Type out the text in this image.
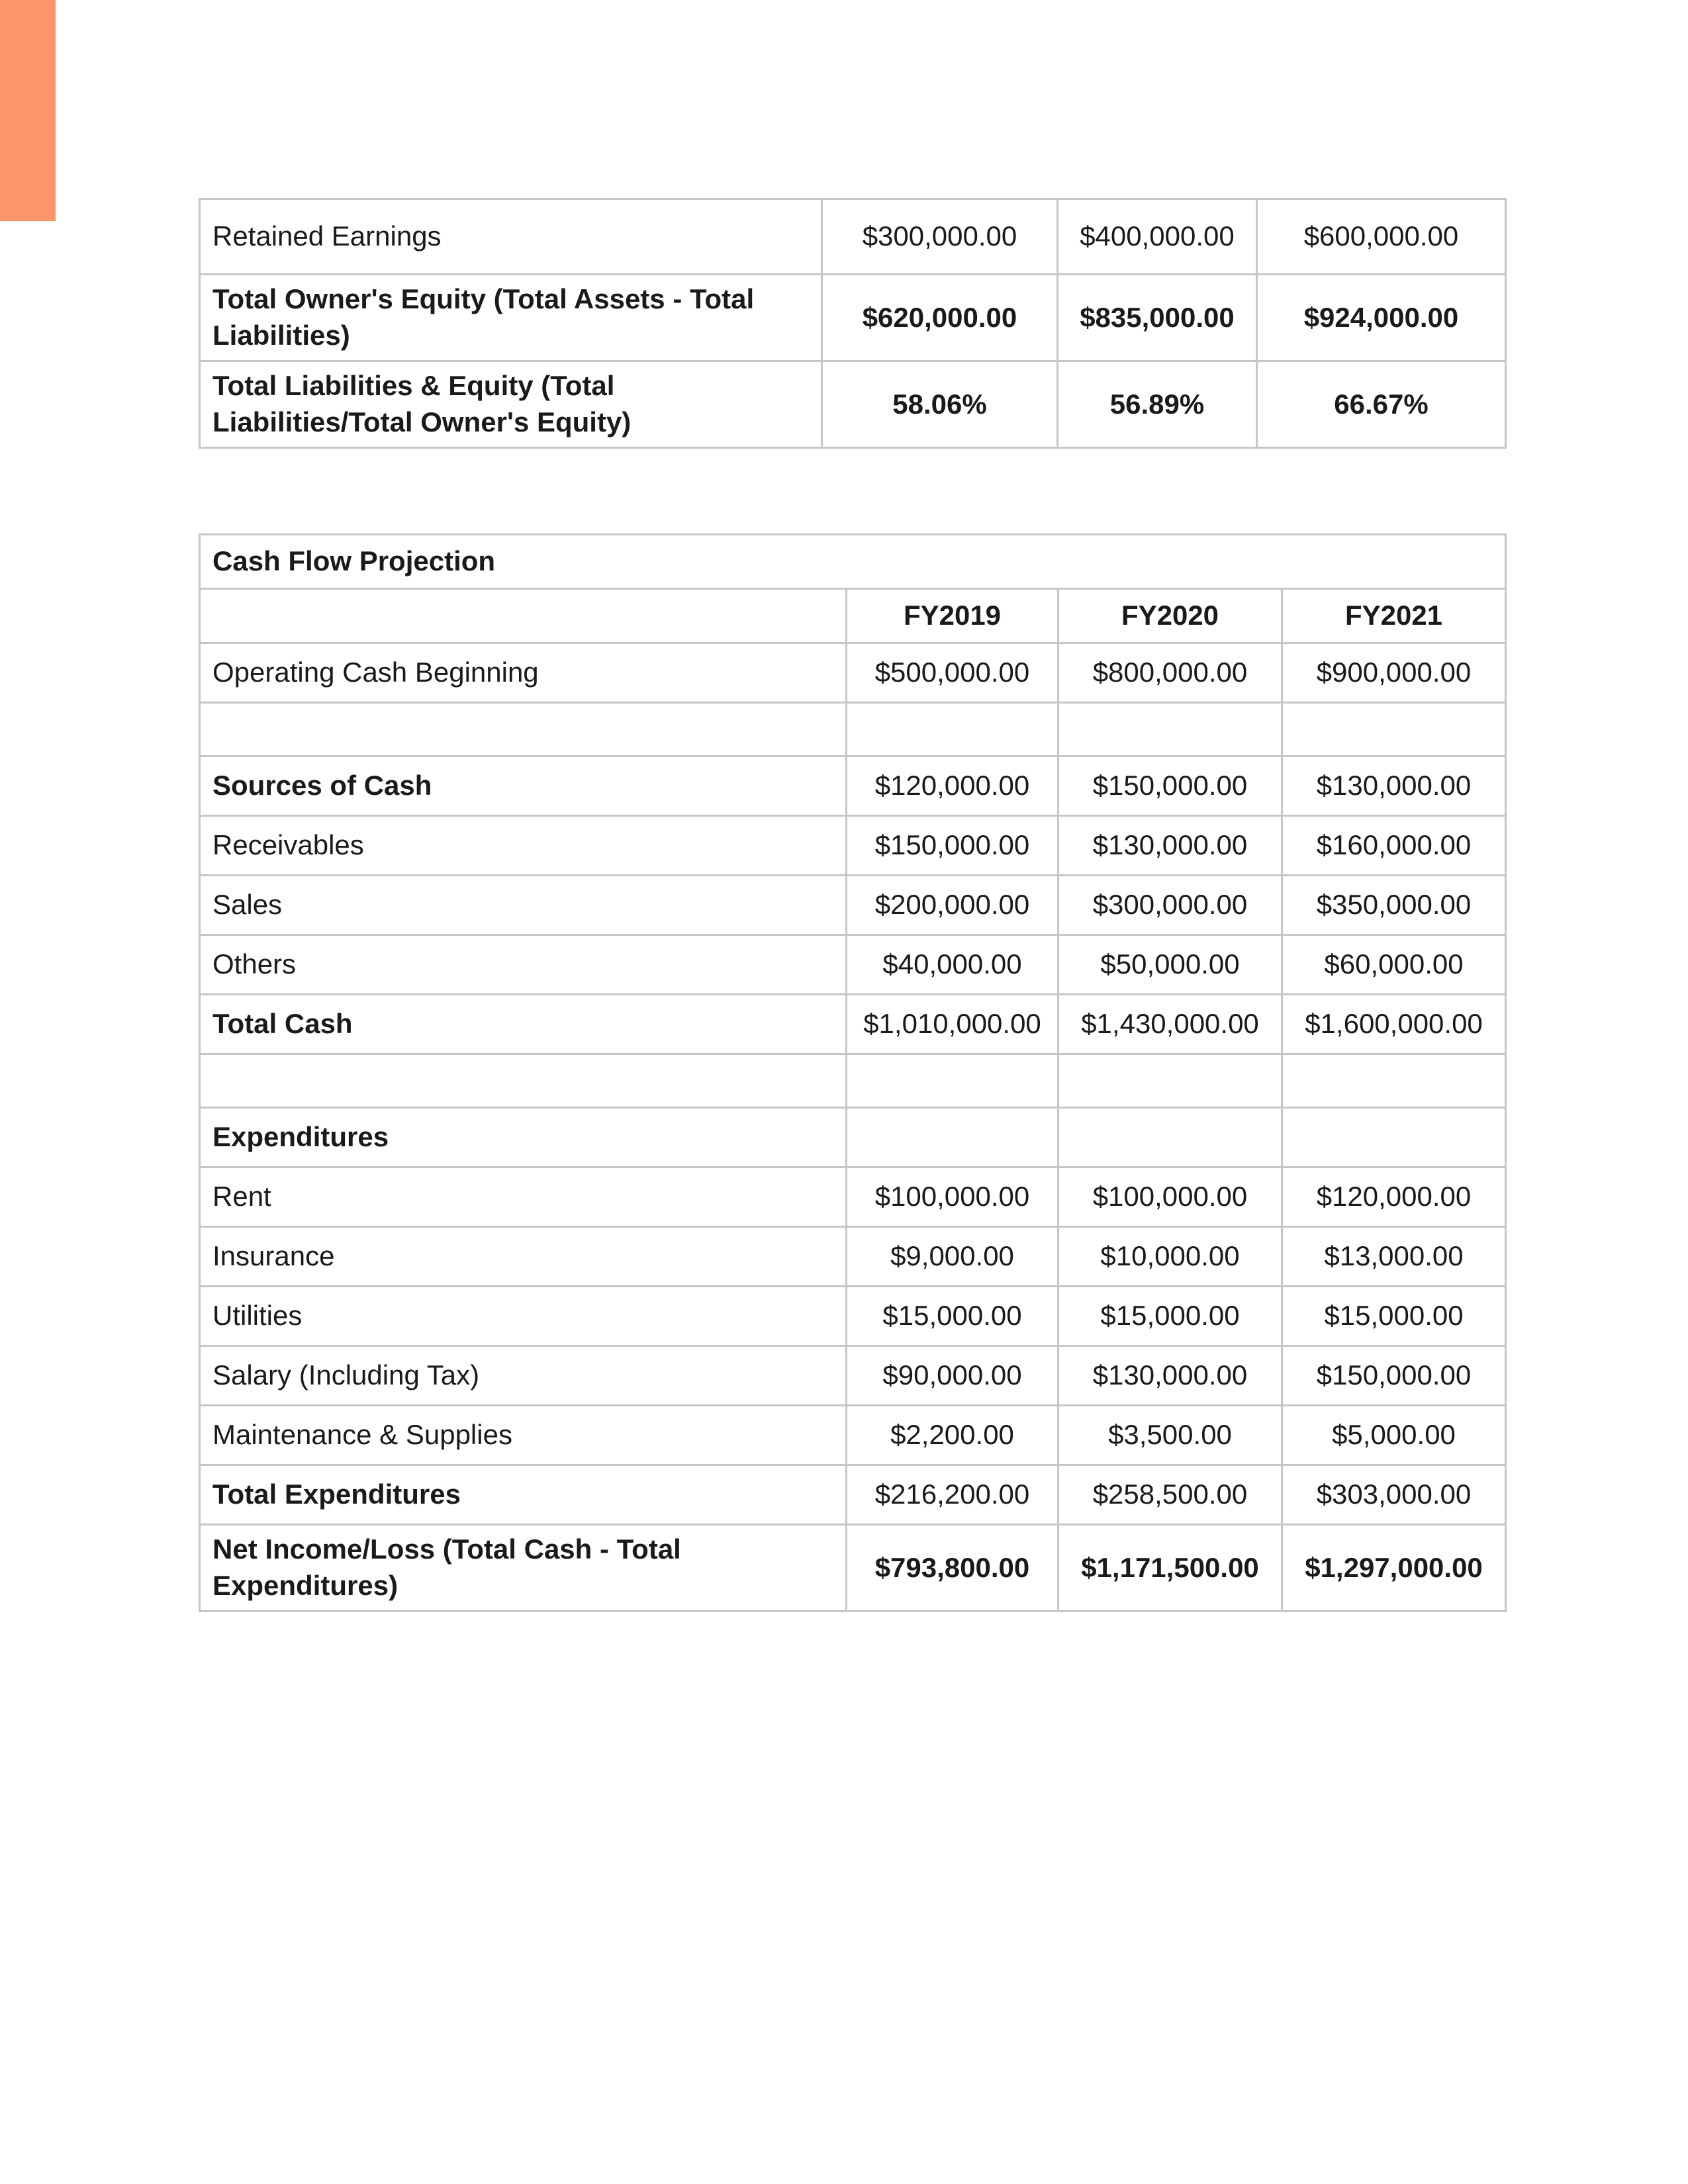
Retained Earnings	$300,000.00	$400,000.00	$600,000.00
Total Owner's Equity (Total Assets - Total Liabilities)	$620,000.00	$835,000.00	$924,000.00
Total Liabilities & Equity (Total Liabilities/Total Owner's Equity)	58.06%	56.89%	66.67%
Cash Flow Projection			
	FY2019	FY2020	FY2021
Operating Cash Beginning	$500,000.00	$800,000.00	$900,000.00

Sources of Cash	$120,000.00	$150,000.00	$130,000.00
Receivables	$150,000.00	$130,000.00	$160,000.00
Sales	$200,000.00	$300,000.00	$350,000.00
Others	$40,000.00	$50,000.00	$60,000.00
Total Cash	$1,010,000.00	$1,430,000.00	$1,600,000.00

Expenditures			
Rent	$100,000.00	$100,000.00	$120,000.00
Insurance	$9,000.00	$10,000.00	$13,000.00
Utilities	$15,000.00	$15,000.00	$15,000.00
Salary (Including Tax)	$90,000.00	$130,000.00	$150,000.00
Maintenance & Supplies	$2,200.00	$3,500.00	$5,000.00
Total Expenditures	$216,200.00	$258,500.00	$303,000.00
Net Income/Loss (Total Cash - Total Expenditures)	$793,800.00	$1,171,500.00	$1,297,000.00
